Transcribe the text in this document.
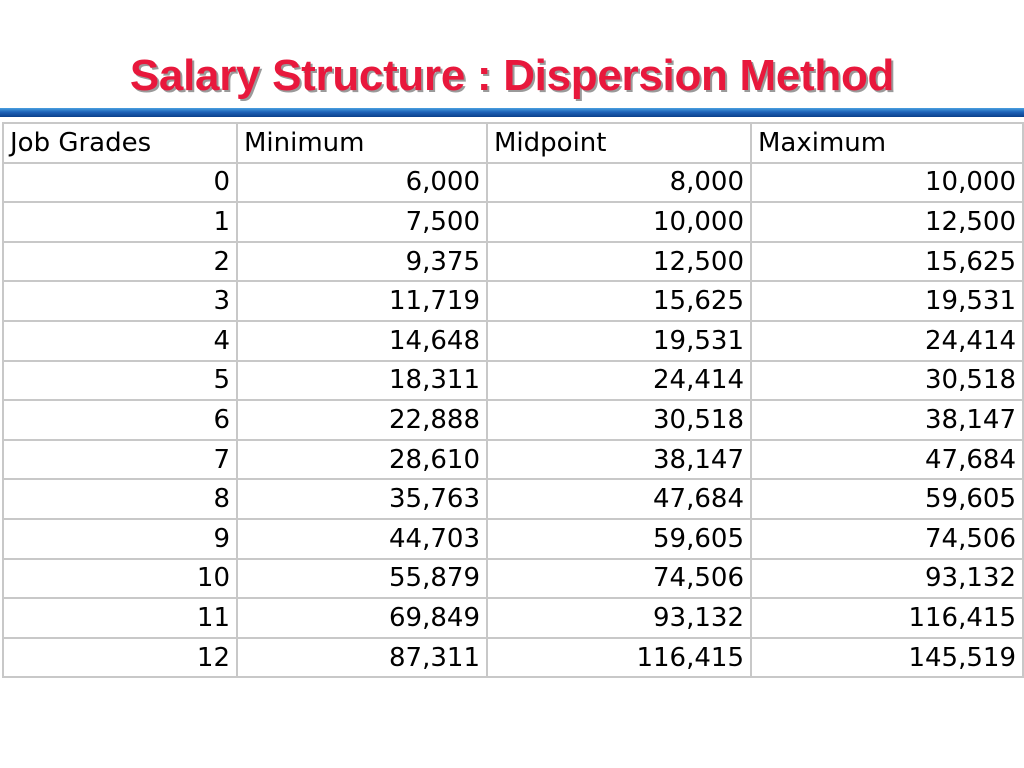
Salary Structure : Dispersion Method
Job Grades	Minimum	Midpoint	Maximum
0	6,000	8,000	10,000
1	7,500	10,000	12,500
2	9,375	12,500	15,625
3	11,719	15,625	19,531
4	14,648	19,531	24,414
5	18,311	24,414	30,518
6	22,888	30,518	38,147
7	28,610	38,147	47,684
8	35,763	47,684	59,605
9	44,703	59,605	74,506
10	55,879	74,506	93,132
11	69,849	93,132	116,415
12	87,311	116,415	145,519
